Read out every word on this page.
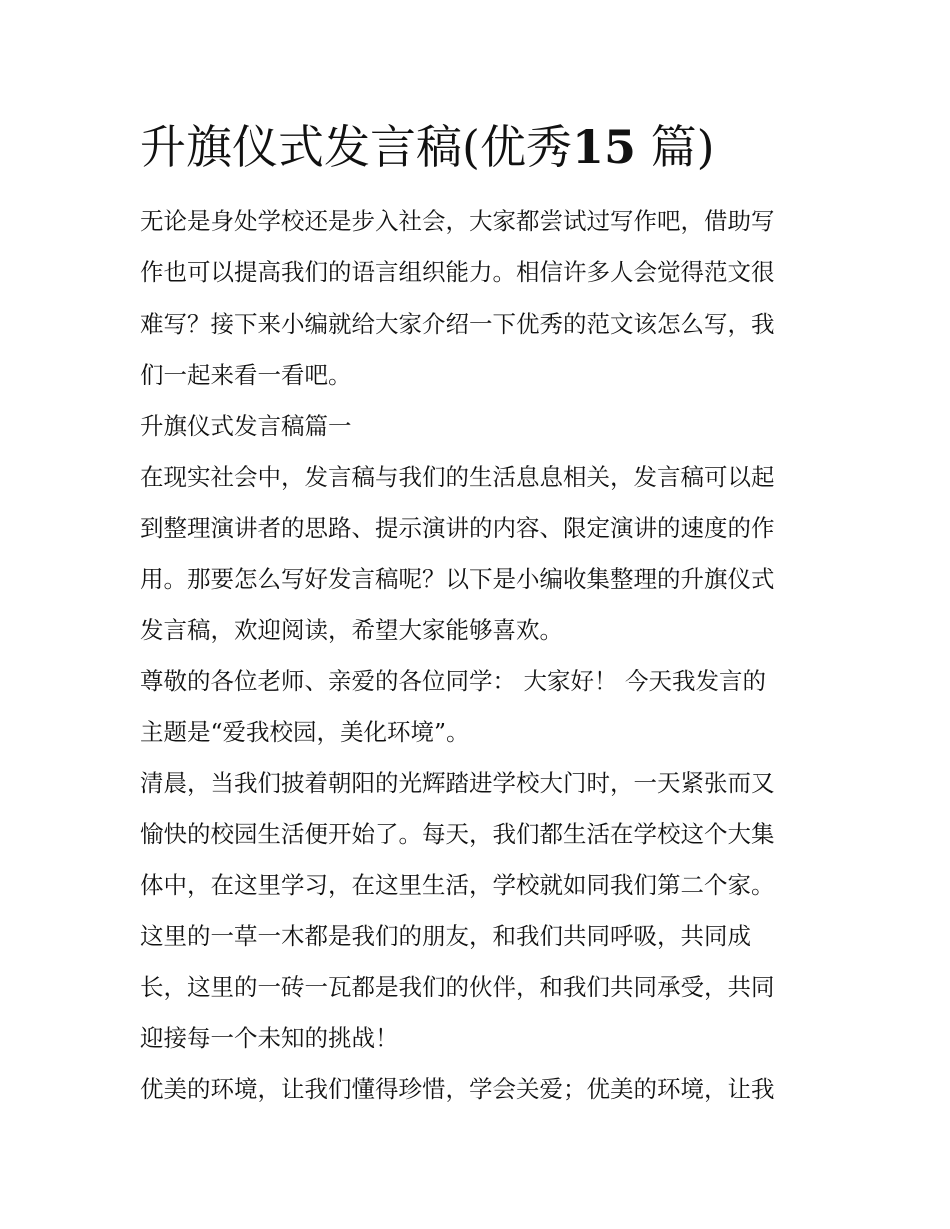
升旗仪式发言稿(优秀15 篇)

无论是身处学校还是步入社会，大家都尝试过写作吧，借助写

作也可以提高我们的语言组织能力。相信许多人会觉得范文很

难写？接下来小编就给大家介绍一下优秀的范文该怎么写，我

们一起来看一看吧。

升旗仪式发言稿篇一

在现实社会中，发言稿与我们的生活息息相关，发言稿可以起

到整理演讲者的思路、提示演讲的内容、限定演讲的速度的作

用。那要怎么写好发言稿呢？以下是小编收集整理的升旗仪式

发言稿，欢迎阅读，希望大家能够喜欢。

尊敬的各位老师、亲爱的各位同学： 大家好！ 今天我发言的

主题是“爱我校园，美化环境”。

清晨，当我们披着朝阳的光辉踏进学校大门时，一天紧张而又

愉快的校园生活便开始了。每天，我们都生活在学校这个大集

体中，在这里学习，在这里生活，学校就如同我们第二个家。

这里的一草一木都是我们的朋友，和我们共同呼吸，共同成

长，这里的一砖一瓦都是我们的伙伴，和我们共同承受，共同

迎接每一个未知的挑战！

优美的环境，让我们懂得珍惜，学会关爱；优美的环境，让我
